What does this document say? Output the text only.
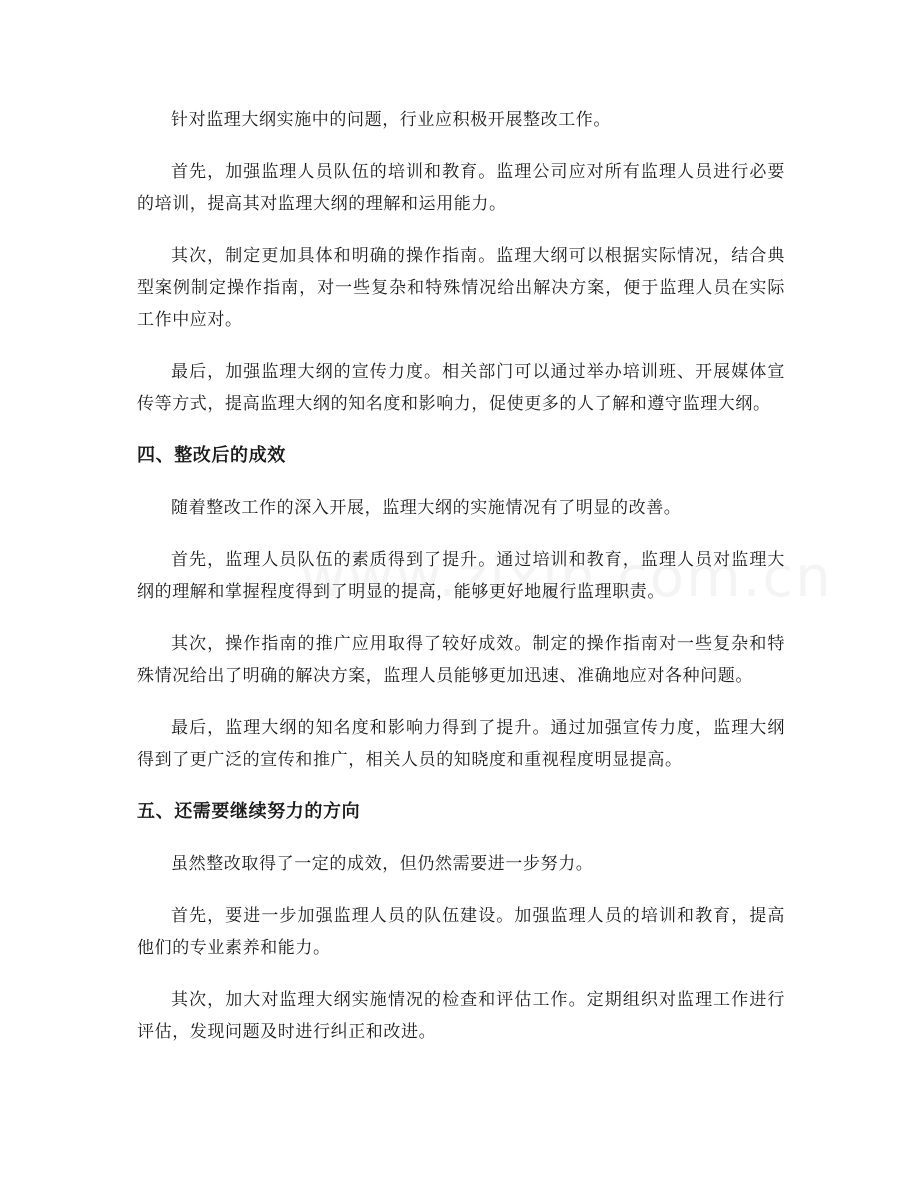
针对监理大纲实施中的问题，行业应积极开展整改工作。

首先，加强监理人员队伍的培训和教育。监理公司应对所有监理人员进行必要的培训，提高其对监理大纲的理解和运用能力。

其次，制定更加具体和明确的操作指南。监理大纲可以根据实际情况，结合典型案例制定操作指南，对一些复杂和特殊情况给出解决方案，便于监理人员在实际工作中应对。

最后，加强监理大纲的宣传力度。相关部门可以通过举办培训班、开展媒体宣传等方式，提高监理大纲的知名度和影响力，促使更多的人了解和遵守监理大纲。

四、整改后的成效

随着整改工作的深入开展，监理大纲的实施情况有了明显的改善。

首先，监理人员队伍的素质得到了提升。通过培训和教育，监理人员对监理大纲的理解和掌握程度得到了明显的提高，能够更好地履行监理职责。

其次，操作指南的推广应用取得了较好成效。制定的操作指南对一些复杂和特殊情况给出了明确的解决方案，监理人员能够更加迅速、准确地应对各种问题。

最后，监理大纲的知名度和影响力得到了提升。通过加强宣传力度，监理大纲得到了更广泛的宣传和推广，相关人员的知晓度和重视程度明显提高。

五、还需要继续努力的方向

虽然整改取得了一定的成效，但仍然需要进一步努力。

首先，要进一步加强监理人员的队伍建设。加强监理人员的培训和教育，提高他们的专业素养和能力。

其次，加大对监理大纲实施情况的检查和评估工作。定期组织对监理工作进行评估，发现问题及时进行纠正和改进。
